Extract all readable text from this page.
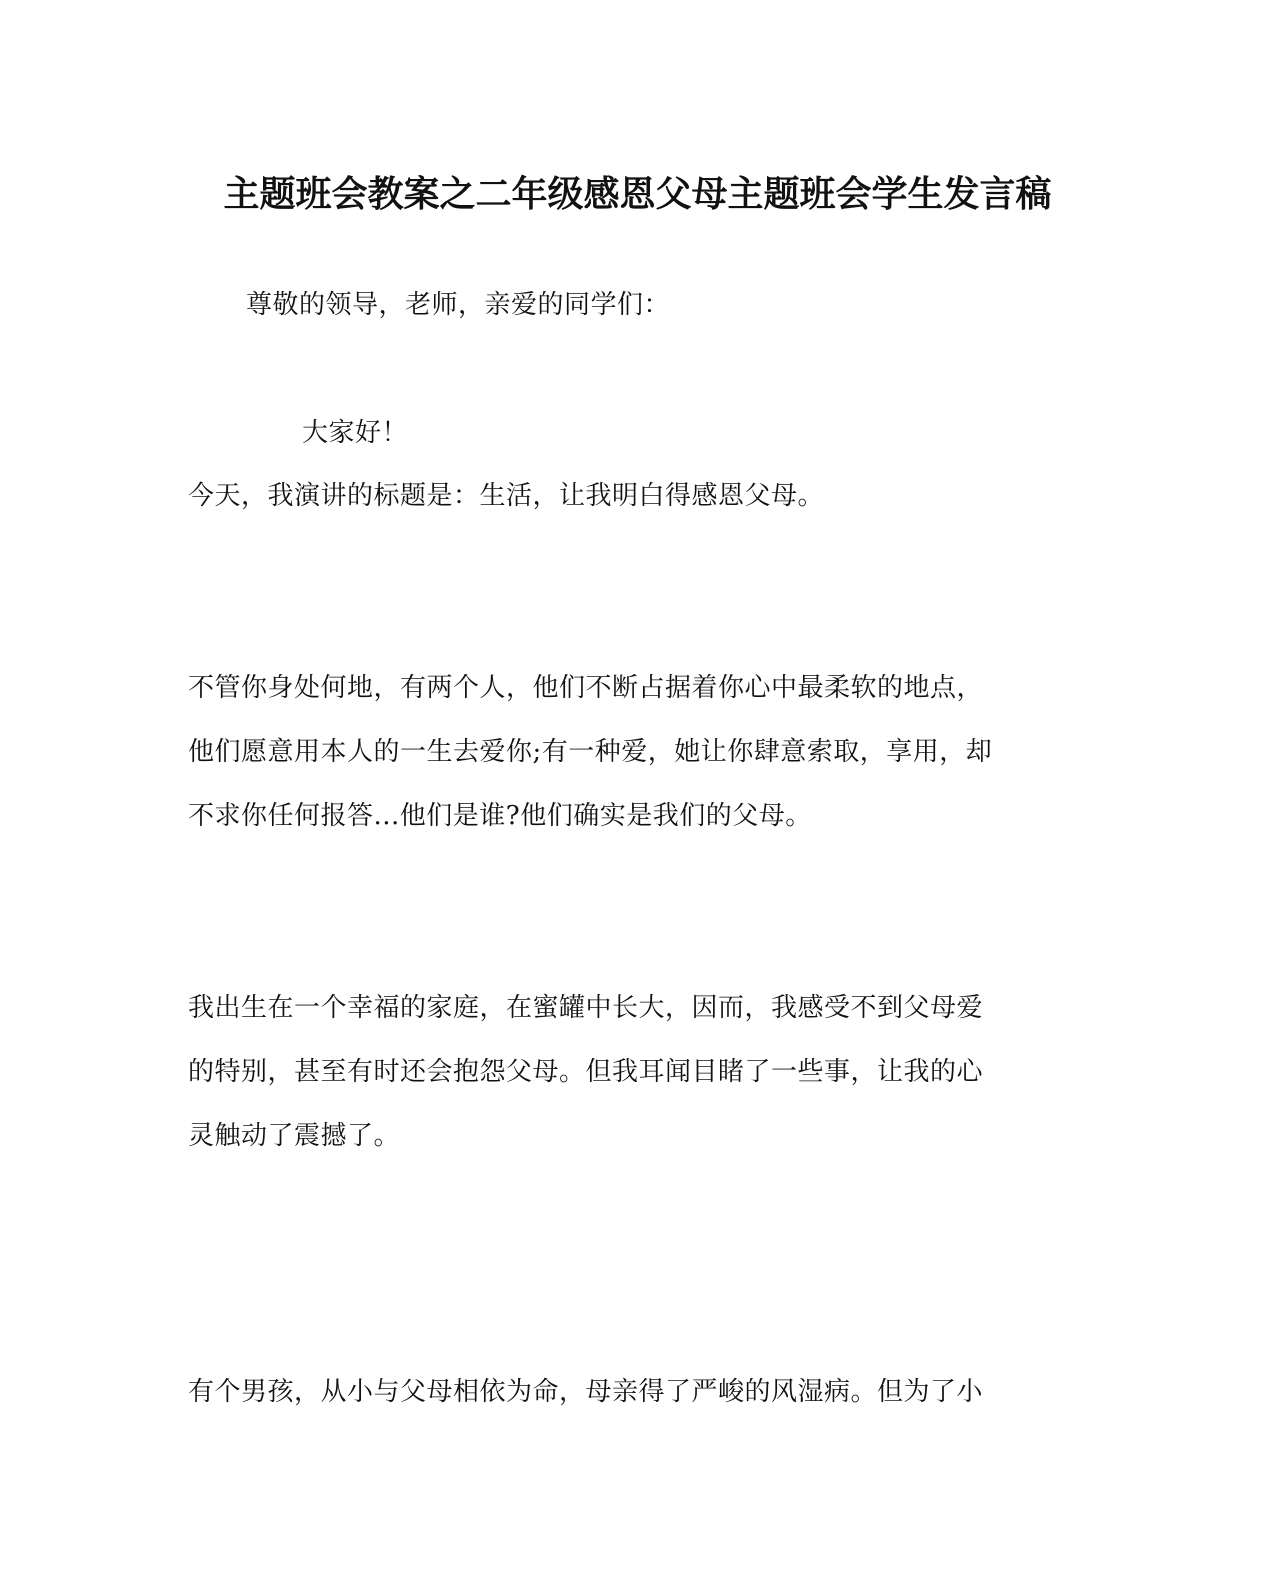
主题班会教案之二年级感恩父母主题班会学生发言稿
尊敬的领导，老师，亲爱的同学们：
大家好！
今天，我演讲的标题是：生活，让我明白得感恩父母。
不管你身处何地，有两个人，他们不断占据着你心中最柔软的地点，
他们愿意用本人的一生去爱你;有一种爱，她让你肆意索取，享用，却
不求你任何报答...他们是谁?他们确实是我们的父母。
我出生在一个幸福的家庭，在蜜罐中长大，因而，我感受不到父母爱
的特别，甚至有时还会抱怨父母。但我耳闻目睹了一些事，让我的心
灵触动了震撼了。
有个男孩，从小与父母相依为命，母亲得了严峻的风湿病。但为了小
